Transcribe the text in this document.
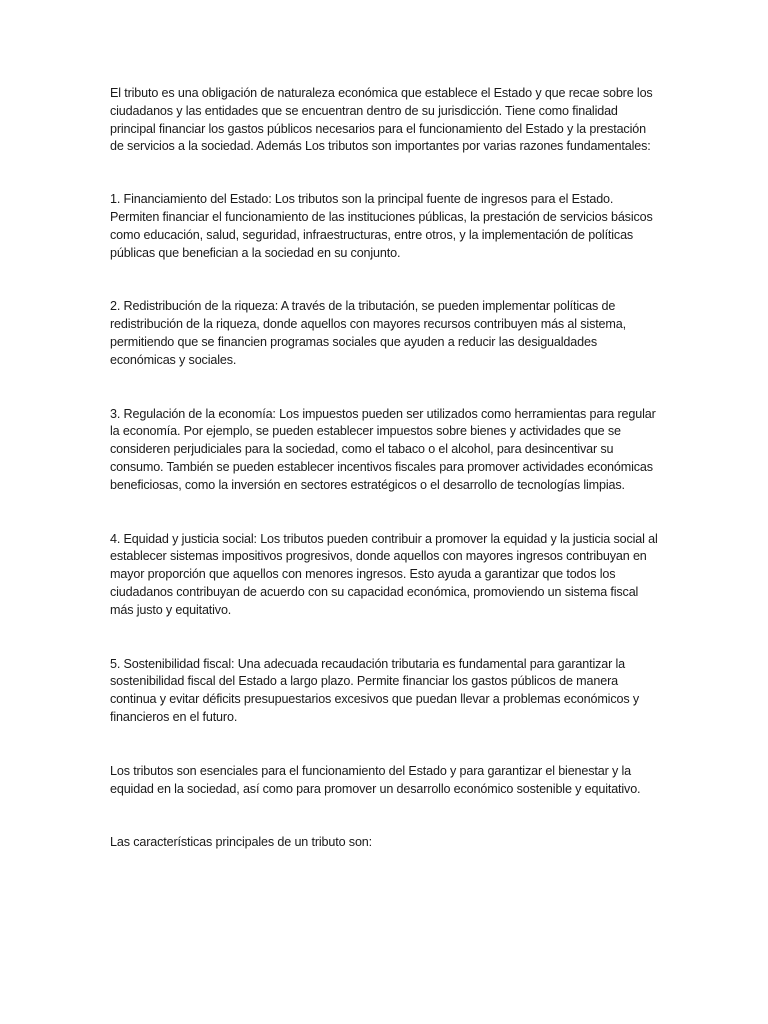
El tributo es una obligación de naturaleza económica que establece el Estado y que recae sobre los ciudadanos y las entidades que se encuentran dentro de su jurisdicción. Tiene como finalidad principal financiar los gastos públicos necesarios para el funcionamiento del Estado y la prestación de servicios a la sociedad. Además Los tributos son importantes por varias razones fundamentales:

1. Financiamiento del Estado: Los tributos son la principal fuente de ingresos para el Estado. Permiten financiar el funcionamiento de las instituciones públicas, la prestación de servicios básicos como educación, salud, seguridad, infraestructuras, entre otros, y la implementación de políticas públicas que benefician a la sociedad en su conjunto.

2. Redistribución de la riqueza: A través de la tributación, se pueden implementar políticas de redistribución de la riqueza, donde aquellos con mayores recursos contribuyen más al sistema, permitiendo que se financien programas sociales que ayuden a reducir las desigualdades económicas y sociales.

3. Regulación de la economía: Los impuestos pueden ser utilizados como herramientas para regular la economía. Por ejemplo, se pueden establecer impuestos sobre bienes y actividades que se consideren perjudiciales para la sociedad, como el tabaco o el alcohol, para desincentivar su consumo. También se pueden establecer incentivos fiscales para promover actividades económicas beneficiosas, como la inversión en sectores estratégicos o el desarrollo de tecnologías limpias.

4. Equidad y justicia social: Los tributos pueden contribuir a promover la equidad y la justicia social al establecer sistemas impositivos progresivos, donde aquellos con mayores ingresos contribuyan en mayor proporción que aquellos con menores ingresos. Esto ayuda a garantizar que todos los ciudadanos contribuyan de acuerdo con su capacidad económica, promoviendo un sistema fiscal más justo y equitativo.

5. Sostenibilidad fiscal: Una adecuada recaudación tributaria es fundamental para garantizar la sostenibilidad fiscal del Estado a largo plazo. Permite financiar los gastos públicos de manera continua y evitar déficits presupuestarios excesivos que puedan llevar a problemas económicos y financieros en el futuro.

Los tributos son esenciales para el funcionamiento del Estado y para garantizar el bienestar y la equidad en la sociedad, así como para promover un desarrollo económico sostenible y equitativo.

Las características principales de un tributo son:
